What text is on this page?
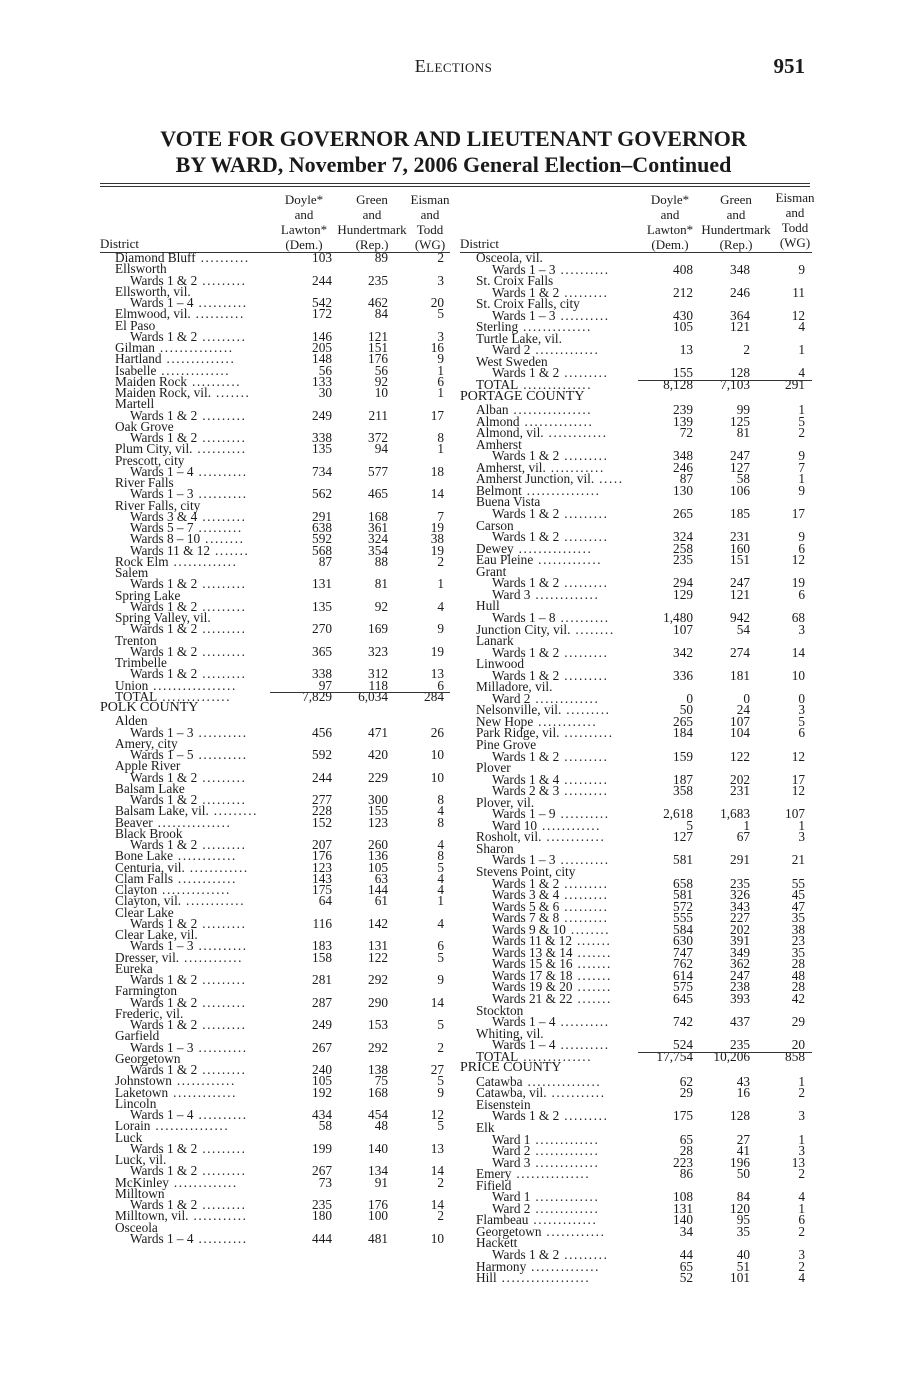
Elections	951
VOTE FOR GOVERNOR AND LIEUTENANT GOVERNOR
BY WARD, November 7, 2006 General Election–Continued
Doyle*
and
Lawton*
(Dem.)
Green
and
Hundertmark
(Rep.)
Eisman
and
Todd
(WG)
District
Diamond Bluff ..........	103	89	2
Ellsworth
Wards 1 & 2 .........	244	235	3
Ellsworth, vil.
Wards 1 – 4 ..........	542	462	20
Elmwood, vil. ..........	172	84	5
El Paso
Wards 1 & 2 .........	146	121	3
Gilman ...............	205	151	16
Hartland ..............	148	176	9
Isabelle ..............	56	56	1
Maiden Rock ..........	133	92	6
Maiden Rock, vil. .......	30	10	1
Martell
Wards 1 & 2 .........	249	211	17
Oak Grove
Wards 1 & 2 .........	338	372	8
Plum City, vil. ..........	135	94	1
Prescott, city
Wards 1 – 4 ..........	734	577	18
River Falls
Wards 1 – 3 ..........	562	465	14
River Falls, city
Wards 3 & 4 .........	291	168	7
Wards 5 – 7 .........	638	361	19
Wards 8 – 10 ........	592	324	38
Wards 11 & 12 .......	568	354	19
Rock Elm .............	87	88	2
Salem
Wards 1 & 2 .........	131	81	1
Spring Lake
Wards 1 & 2 .........	135	92	4
Spring Valley, vil.
Wards 1 & 2 .........	270	169	9
Trenton
Wards 1 & 2 .........	365	323	19
Trimbelle
Wards 1 & 2 .........	338	312	13
Union .................	97	118	6
TOTAL ..............	7,829	6,034	284
POLK COUNTY
Alden
Wards 1 – 3 ..........	456	471	26
Amery, city
Wards 1 – 5 ..........	592	420	10
Apple River
Wards 1 & 2 .........	244	229	10
Balsam Lake
Wards 1 & 2 .........	277	300	8
Balsam Lake, vil. .........	228	155	4
Beaver ...............	152	123	8
Black Brook
Wards 1 & 2 .........	207	260	4
Bone Lake ............	176	136	8
Centuria, vil. ............	123	105	5
Clam Falls ............	143	63	4
Clayton ..............	175	144	4
Clayton, vil. ............	64	61	1
Clear Lake
Wards 1 & 2 .........	116	142	4
Clear Lake, vil.
Wards 1 – 3 ..........	183	131	6
Dresser, vil. ............	158	122	5
Eureka
Wards 1 & 2 .........	281	292	9
Farmington
Wards 1 & 2 .........	287	290	14
Frederic, vil.
Wards 1 & 2 .........	249	153	5
Garfield
Wards 1 – 3 ..........	267	292	2
Georgetown
Wards 1 & 2 .........	240	138	27
Johnstown ............	105	75	5
Laketown .............	192	168	9
Lincoln
Wards 1 – 4 ..........	434	454	12
Lorain ...............	58	48	5
Luck
Wards 1 & 2 .........	199	140	13
Luck, vil.
Wards 1 & 2 .........	267	134	14
McKinley .............	73	91	2
Milltown
Wards 1 & 2 .........	235	176	14
Milltown, vil. ...........	180	100	2
Osceola
Wards 1 – 4 ..........	444	481	10
Doyle*
and
Lawton*
(Dem.)
Green
and
Hundertmark
(Rep.)
Eisman
and
Todd
(WG)
District
Osceola, vil.
Wards 1 – 3 ..........	408	348	9
St. Croix Falls
Wards 1 & 2 .........	212	246	11
St. Croix Falls, city
Wards 1 – 3 ..........	430	364	12
Sterling ..............	105	121	4
Turtle Lake, vil.
Ward 2 .............	13	2	1
West Sweden
Wards 1 & 2 .........	155	128	4
TOTAL ..............	8,128	7,103	291
PORTAGE COUNTY
Alban ................	239	99	1
Almond ..............	139	125	5
Almond, vil. ............	72	81	2
Amherst
Wards 1 & 2 .........	348	247	9
Amherst, vil. ...........	246	127	7
Amherst Junction, vil. .....	87	58	1
Belmont ...............	130	106	9
Buena Vista
Wards 1 & 2 .........	265	185	17
Carson
Wards 1 & 2 .........	324	231	9
Dewey ...............	258	160	6
Eau Pleine .............	235	151	12
Grant
Wards 1 & 2 .........	294	247	19
Ward 3 .............	129	121	6
Hull
Wards 1 – 8 ..........	1,480	942	68
Junction City, vil. ........	107	54	3
Lanark
Wards 1 & 2 .........	342	274	14
Linwood
Wards 1 & 2 .........	336	181	10
Milladore, vil.
Ward 2 .............	0	0	0
Nelsonville, vil. .........	50	24	3
New Hope ............	265	107	5
Park Ridge, vil. ..........	184	104	6
Pine Grove
Wards 1 & 2 .........	159	122	12
Plover
Wards 1 & 4 .........	187	202	17
Wards 2 & 3 .........	358	231	12
Plover, vil.
Wards 1 – 9 ..........	2,618	1,683	107
Ward 10 ............	5	1	1
Rosholt, vil. ............	127	67	3
Sharon
Wards 1 – 3 ..........	581	291	21
Stevens Point, city
Wards 1 & 2 .........	658	235	55
Wards 3 & 4 .........	581	326	45
Wards 5 & 6 .........	572	343	47
Wards 7 & 8 .........	555	227	35
Wards 9 & 10 ........	584	202	38
Wards 11 & 12 .......	630	391	23
Wards 13 & 14 .......	747	349	35
Wards 15 & 16 .......	762	362	28
Wards 17 & 18 .......	614	247	48
Wards 19 & 20 .......	575	238	28
Wards 21 & 22 .......	645	393	42
Stockton
Wards 1 – 4 ..........	742	437	29
Whiting, vil.
Wards 1 – 4 ..........	524	235	20
TOTAL ..............	17,754	10,206	858
PRICE COUNTY
Catawba ...............	62	43	1
Catawba, vil. ...........	29	16	2
Eisenstein
Wards 1 & 2 .........	175	128	3
Elk
Ward 1 .............	65	27	1
Ward 2 .............	28	41	3
Ward 3 .............	223	196	13
Emery ...............	86	50	2
Fifield
Ward 1 .............	108	84	4
Ward 2 .............	131	120	1
Flambeau .............	140	95	6
Georgetown ............	34	35	2
Hackett
Wards 1 & 2 .........	44	40	3
Harmony ..............	65	51	2
Hill ..................	52	101	4
